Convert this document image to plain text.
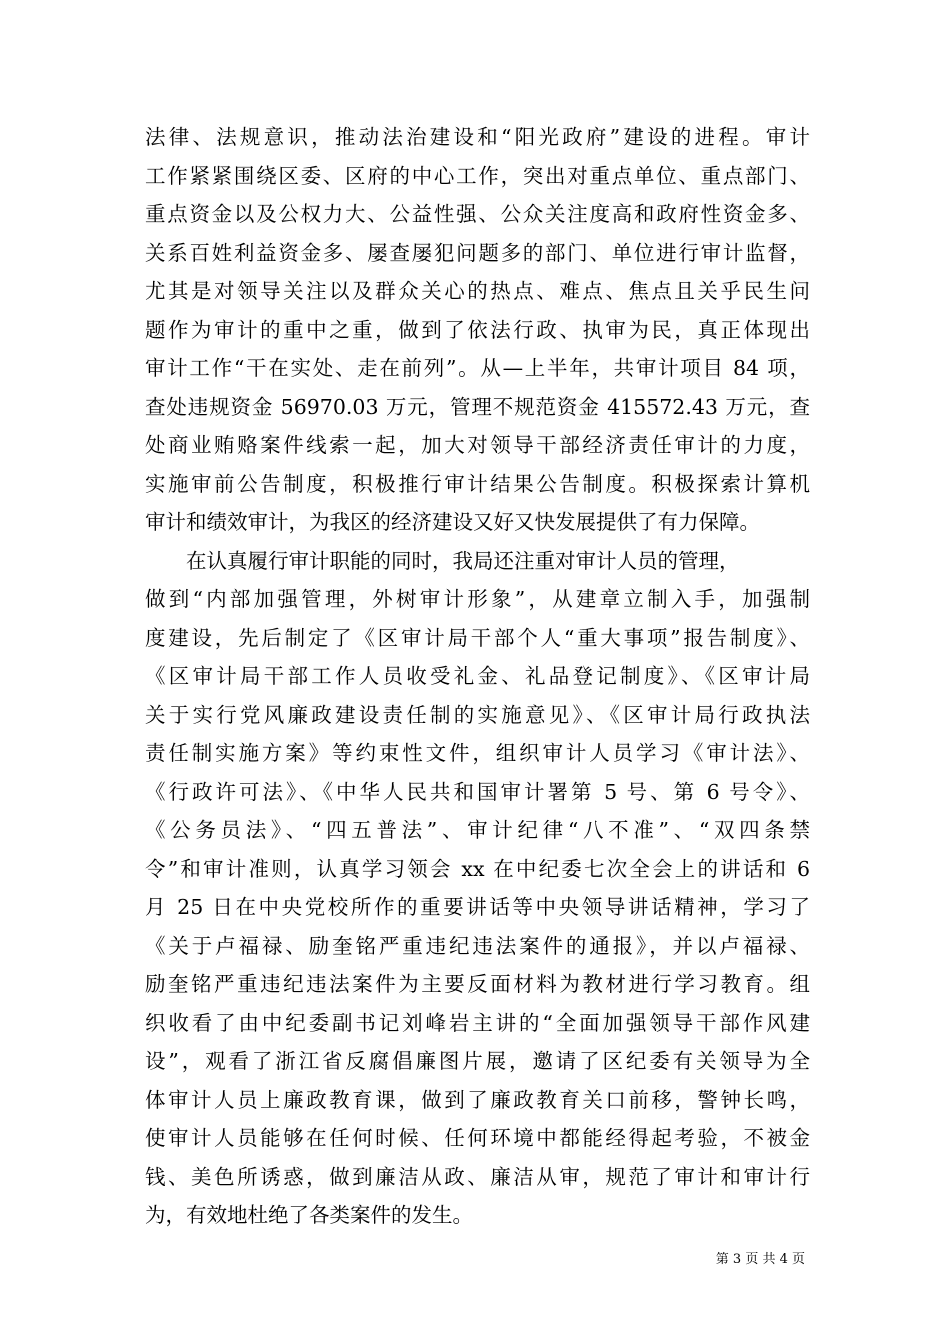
法律、法规意识，推动法治建设和“阳光政府”建设的进程。审计
工作紧紧围绕区委、区府的中心工作，突出对重点单位、重点部门、
重点资金以及公权力大、公益性强、公众关注度高和政府性资金多、
关系百姓利益资金多、屡查屡犯问题多的部门、单位进行审计监督，
尤其是对领导关注以及群众关心的热点、难点、焦点且关乎民生问
题作为审计的重中之重，做到了依法行政、执审为民，真正体现出
审计工作“干在实处、走在前列”。从—上半年，共审计项目 84 项，
查处违规资金 56970.03 万元，管理不规范资金 415572.43 万元，查
处商业贿赂案件线索一起，加大对领导干部经济责任审计的力度，
实施审前公告制度，积极推行审计结果公告制度。积极探索计算机
审计和绩效审计，为我区的经济建设又好又快发展提供了有力保障。
在认真履行审计职能的同时，我局还注重对审计人员的管理，
做到“内部加强管理，外树审计形象”，从建章立制入手，加强制
度建设，先后制定了《区审计局干部个人“重大事项”报告制度》、
《区审计局干部工作人员收受礼金、礼品登记制度》、《区审计局
关于实行党风廉政建设责任制的实施意见》、《区审计局行政执法
责任制实施方案》等约束性文件，组织审计人员学习《审计法》、
《行政许可法》、《中华人民共和国审计署第 5 号、第 6 号令》、
《公务员法》、“四五普法”、审计纪律“八不准”、“双四条禁
令”和审计准则，认真学习领会 xx 在中纪委七次全会上的讲话和 6
月 25 日在中央党校所作的重要讲话等中央领导讲话精神，学习了
《关于卢福禄、励奎铭严重违纪违法案件的通报》，并以卢福禄、
励奎铭严重违纪违法案件为主要反面材料为教材进行学习教育。组
织收看了由中纪委副书记刘峰岩主讲的“全面加强领导干部作风建
设”，观看了浙江省反腐倡廉图片展，邀请了区纪委有关领导为全
体审计人员上廉政教育课，做到了廉政教育关口前移，警钟长鸣，
使审计人员能够在任何时候、任何环境中都能经得起考验，不被金
钱、美色所诱惑，做到廉洁从政、廉洁从审，规范了审计和审计行
为，有效地杜绝了各类案件的发生。
第 3 页 共 4 页
